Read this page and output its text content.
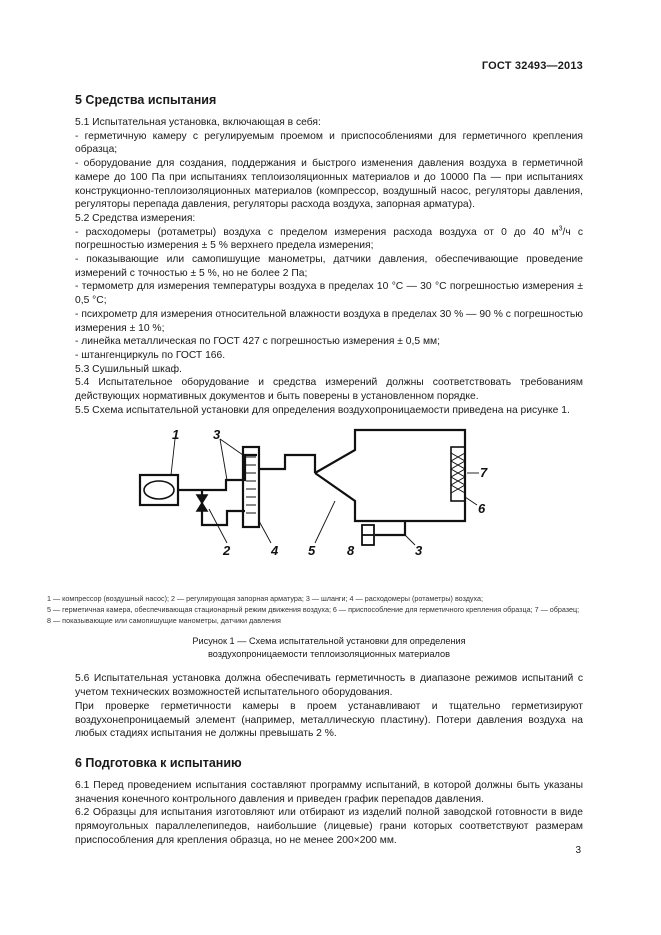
ГОСТ 32493—2013
5 Средства испытания

5.1 Испытательная установка, включающая в себя:

- герметичную камеру с регулируемым проемом и приспособлениями для герметичного крепления образца;

- оборудование для создания, поддержания и быстрого изменения давления воздуха в герметичной камере до 100 Па при испытаниях теплоизоляционных материалов и до 10000 Па — при испытаниях конструкционно-теплоизоляционных материалов (компрессор, воздушный насос, регуляторы давления, регуляторы перепада давления, регуляторы расхода воздуха, запорная арматура).

5.2 Средства измерения:

- расходомеры (ротаметры) воздуха с пределом измерения расхода воздуха от 0 до 40 $м^3/ч$ с погрешностью измерения ± 5 % верхнего предела измерения;

- показывающие или самопишущие манометры, датчики давления, обеспечивающие проведение измерений с точностью ± 5 %, но не более 2 Па;

- термометр для измерения температуры воздуха в пределах 10 °С — 30 °С погрешностью измерения ± 0,5 °С;

- психрометр для измерения относительной влажности воздуха в пределах 30 % — 90 % с погрешностью измерения ± 10 %;

- линейка металлическая по ГОСТ 427 с погрешностью измерения ± 0,5 мм;

- штангенциркуль по ГОСТ 166.

5.3 Сушильный шкаф.

5.4 Испытательное оборудование и средства измерений должны соответствовать требованиям действующих нормативных документов и быть поверены в установленном порядке.

5.5 Схема испытательной установки для определения воздухопроницаемости приведена на рисунке 1.

1	3
7
6
2	4 5 8	3
1 — компрессор (воздушный насос); 2 — регулирующая запорная арматура; 3 — шланги; 4 — расходомеры (ротаметры) воздуха;
5 — герметичная камера, обеспечивающая стационарный режим движения воздуха; 6 — приспособление для герметичного крепления образца; 7 — образец; 8 — показывающие или самопишущие манометры, датчики давления
Рисунок 1 — Схема испытательной установки для определения
воздухопроницаемости теплоизоляционных материалов

5.6 Испытательная установка должна обеспечивать герметичность в диапазоне режимов испытаний с учетом технических возможностей испытательного оборудования.

При проверке герметичности камеры в проем устанавливают и тщательно герметизируют воздухонепроницаемый элемент (например, металлическую пластину). Потери давления воздуха на любых стадиях испытания не должны превышать 2 %.

6 Подготовка к испытанию

6.1 Перед проведением испытания составляют программу испытаний, в которой должны быть указаны значения конечного контрольного давления и приведен график перепадов давления.

6.2 Образцы для испытания изготовляют или отбирают из изделий полной заводской готовности в виде прямоугольных параллелепипедов, наибольшие (лицевые) грани которых соответствуют размерам приспособления для крепления образца, но не менее 200×200 мм.

3
